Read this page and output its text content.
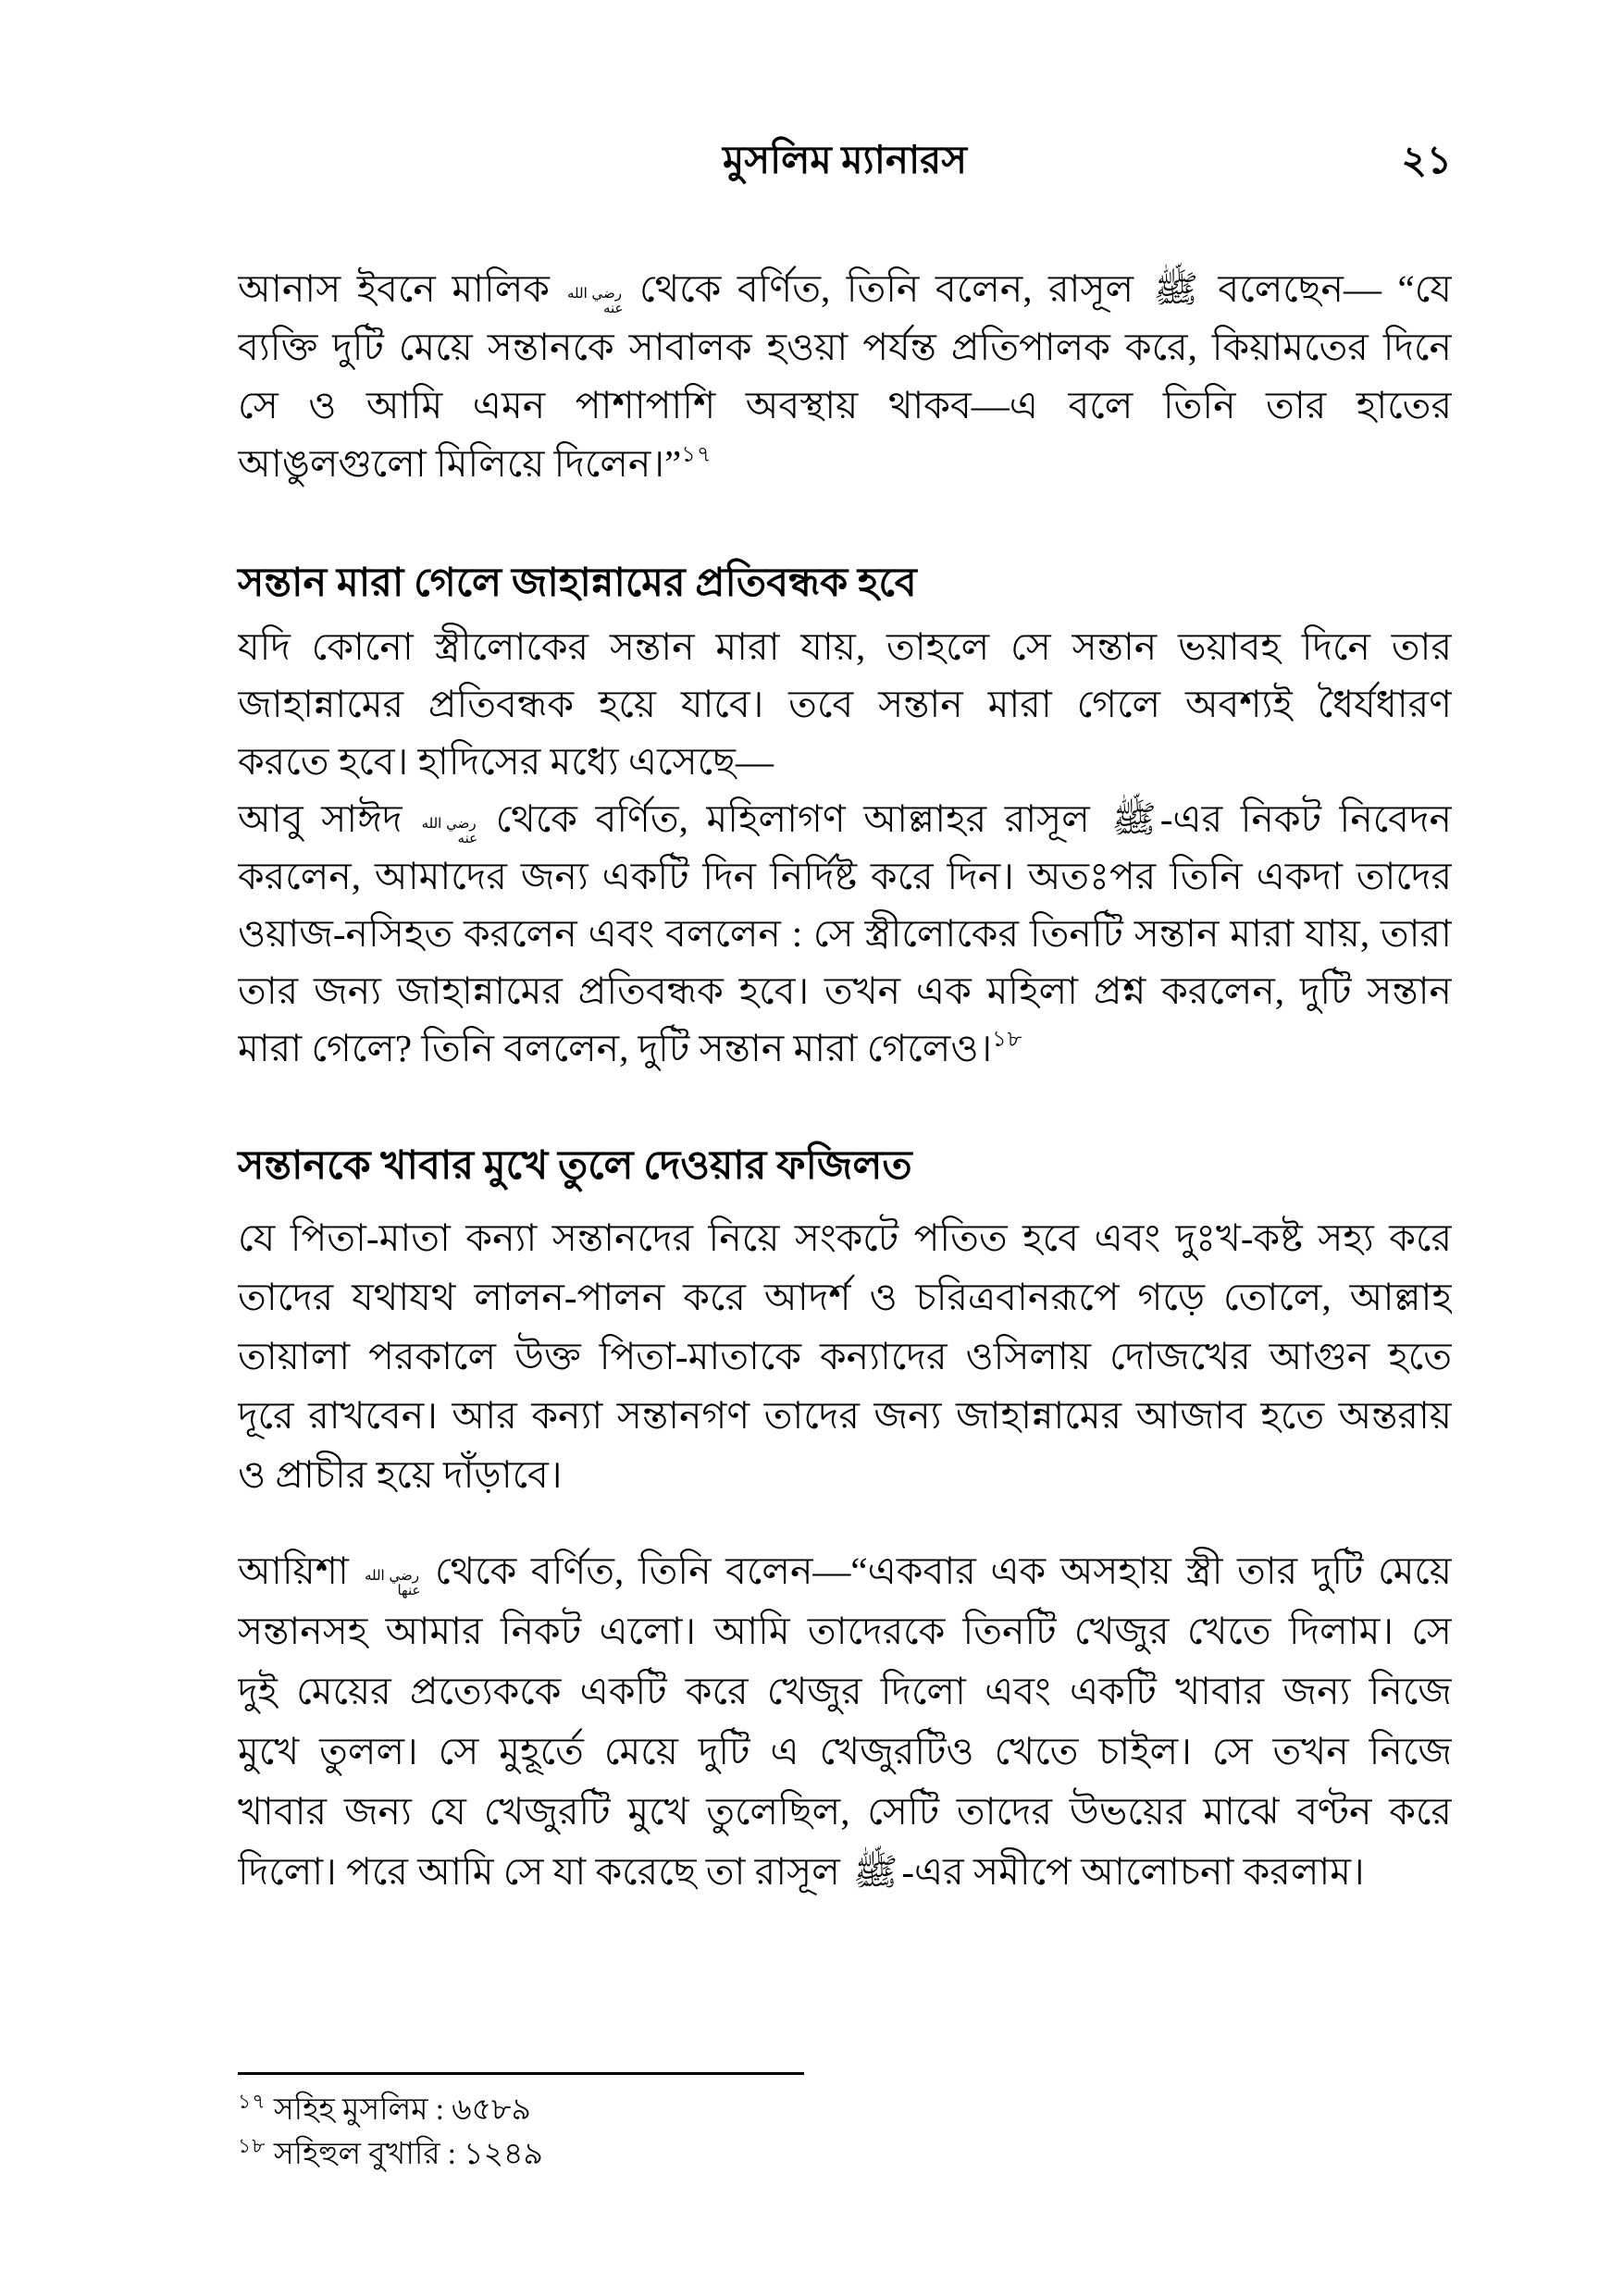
মুসলিম ম্যানারস	২১
আনাস ইবনে মালিক رضي الله عنه থেকে বর্ণিত, তিনি বলেন, রাসূল ﷺ বলেছেন— “যে
ব্যক্তি দুটি মেয়ে সন্তানকে সাবালক হওয়া পর্যন্ত প্রতিপালক করে, কিয়ামতের দিনে
সে ও আমি এমন পাশাপাশি অবস্থায় থাকব—এ বলে তিনি তার হাতের
আঙুলগুলো মিলিয়ে দিলেন।”$^{১৭}$
সন্তান মারা গেলে জাহান্নামের প্রতিবন্ধক হবে
যদি কোনো স্ত্রীলোকের সন্তান মারা যায়, তাহলে সে সন্তান ভয়াবহ দিনে তার
জাহান্নামের প্রতিবন্ধক হয়ে যাবে। তবে সন্তান মারা গেলে অবশ্যই ধৈর্যধারণ
করতে হবে। হাদিসের মধ্যে এসেছে—
আবু সাঈদ رضي الله عنه থেকে বর্ণিত, মহিলাগণ আল্লাহর রাসূল ﷺ-এর নিকট নিবেদন
করলেন, আমাদের জন্য একটি দিন নির্দিষ্ট করে দিন। অতঃপর তিনি একদা তাদের
ওয়াজ-নসিহত করলেন এবং বললেন : সে স্ত্রীলোকের তিনটি সন্তান মারা যায়, তারা
তার জন্য জাহান্নামের প্রতিবন্ধক হবে। তখন এক মহিলা প্রশ্ন করলেন, দুটি সন্তান
মারা গেলে? তিনি বললেন, দুটি সন্তান মারা গেলেও।$^{১৮}$
সন্তানকে খাবার মুখে তুলে দেওয়ার ফজিলত
যে পিতা-মাতা কন্যা সন্তানদের নিয়ে সংকটে পতিত হবে এবং দুঃখ-কষ্ট সহ্য করে
তাদের যথাযথ লালন-পালন করে আদর্শ ও চরিত্রবানরূপে গড়ে তোলে, আল্লাহ
তায়ালা পরকালে উক্ত পিতা-মাতাকে কন্যাদের ওসিলায় দোজখের আগুন হতে
দূরে রাখবেন। আর কন্যা সন্তানগণ তাদের জন্য জাহান্নামের আজাব হতে অন্তরায়
ও প্রাচীর হয়ে দাঁড়াবে।
আয়িশা رضي الله عنها থেকে বর্ণিত, তিনি বলেন—“একবার এক অসহায় স্ত্রী তার দুটি মেয়ে
সন্তানসহ আমার নিকট এলো। আমি তাদেরকে তিনটি খেজুর খেতে দিলাম। সে
দুই মেয়ের প্রত্যেককে একটি করে খেজুর দিলো এবং একটি খাবার জন্য নিজে
মুখে তুলল। সে মুহূর্তে মেয়ে দুটি এ খেজুরটিও খেতে চাইল। সে তখন নিজে
খাবার জন্য যে খেজুরটি মুখে তুলেছিল, সেটি তাদের উভয়ের মাঝে বণ্টন করে
দিলো। পরে আমি সে যা করেছে তা রাসূল ﷺ-এর সমীপে আলোচনা করলাম।
$^{১৭}$ সহিহ মুসলিম : ৬৫৮৯
$^{১৮}$ সহিহুল বুখারি : ১২৪৯
